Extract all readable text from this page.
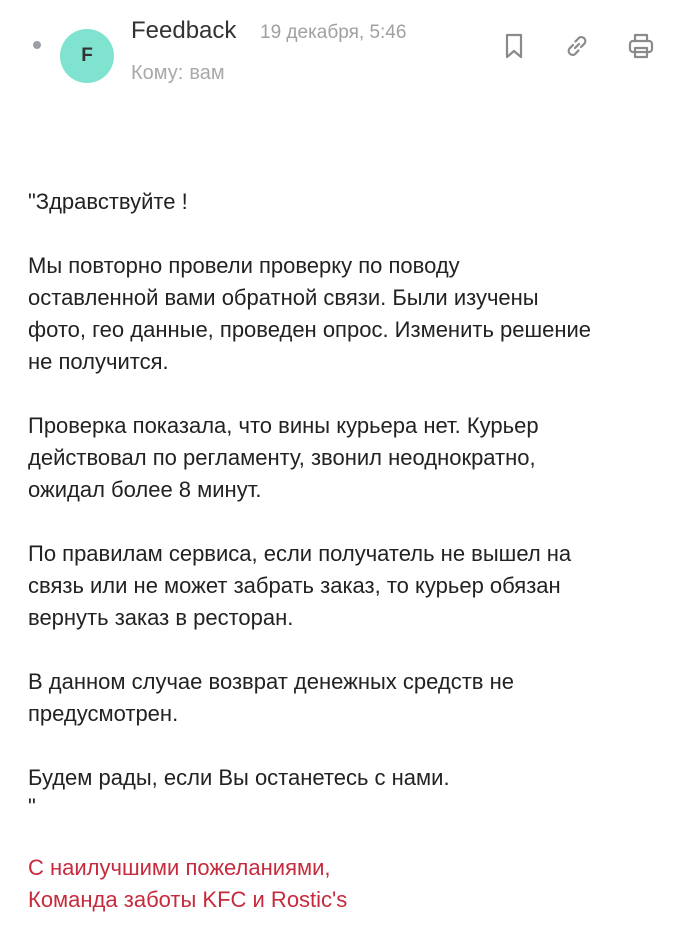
F
Feedback 19 декабря, 5:46
Кому: вам

"Здравствуйте !

Мы повторно провели проверку по поводу
оставленной вами обратной связи. Были изучены
фото, гео данные, проведен опрос. Изменить решение
не получится.

Проверка показала, что вины курьера нет. Курьер
действовал по регламенту, звонил неоднократно,
ожидал более 8 минут.

По правилам сервиса, если получатель не вышел на
связь или не может забрать заказ, то курьер обязан
вернуть заказ в ресторан.

В данном случае возврат денежных средств не
предусмотрен.

Будем рады, если Вы останетесь с нами.

"

С наилучшими пожеланиями,
Команда заботы KFC и Rostic's
